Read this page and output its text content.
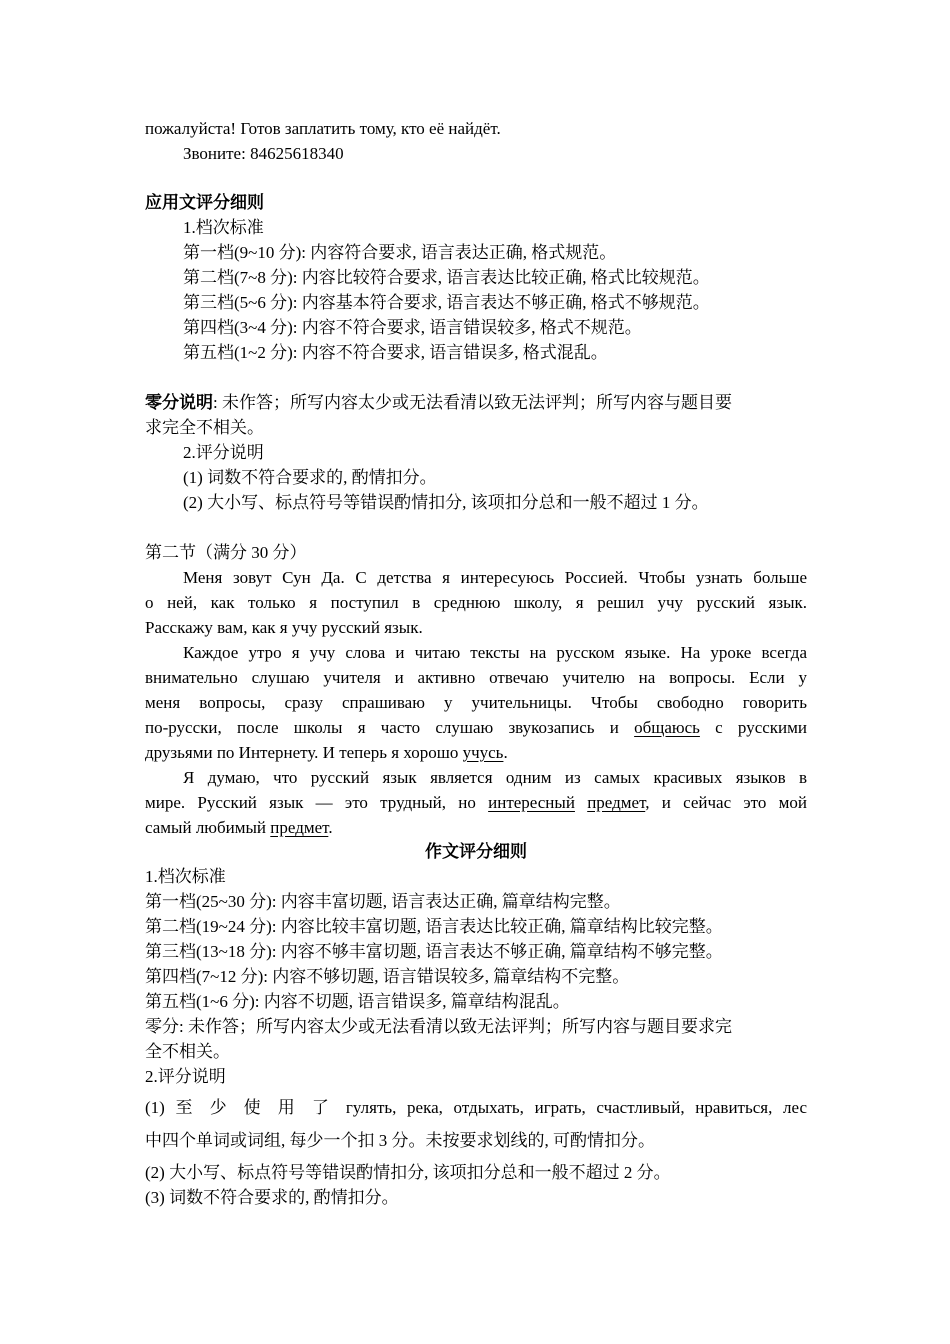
пожалуйста! Готов заплатить тому, кто её найдёт.
Звоните: 84625618340
应用文评分细则
1.档次标准
第一档(9~10 分): 内容符合要求, 语言表达正确, 格式规范。
第二档(7~8 分): 内容比较符合要求, 语言表达比较正确, 格式比较规范。
第三档(5~6 分): 内容基本符合要求, 语言表达不够正确, 格式不够规范。
第四档(3~4 分): 内容不符合要求, 语言错误较多, 格式不规范。
第五档(1~2 分): 内容不符合要求, 语言错误多, 格式混乱。
零分说明: 未作答；所写内容太少或无法看清以致无法评判；所写内容与题目要
求完全不相关。
2.评分说明
(1) 词数不符合要求的, 酌情扣分。
(2) 大小写、标点符号等错误酌情扣分, 该项扣分总和一般不超过 1 分。
第二节（满分 30 分）
Меня зовут Сун Да. С детства я интересуюсь Россией. Чтобы узнать больше
о ней, как только я поступил в среднюю школу, я решил учу русский язык.
Расскажу вам, как я учу русский язык.
Каждое утро я учу слова и читаю тексты на русском языке. На уроке всегда
внимательно слушаю учителя и активно отвечаю учителю на вопросы. Если у
меня вопросы, сразу спрашиваю у учительницы. Чтобы свободно говорить
по-русски, после школы я часто слушаю звукозапись и общаюсь с русскими
друзьями по Интернету. И теперь я хорошо учусь.
Я думаю, что русский язык является одним из самых красивых языков в
мире. Русский язык — это трудный, но интересный предмет, и сейчас это мой
самый любимый предмет.
作文评分细则
1.档次标准
第一档(25~30 分): 内容丰富切题, 语言表达正确, 篇章结构完整。
第二档(19~24 分): 内容比较丰富切题, 语言表达比较正确, 篇章结构比较完整。
第三档(13~18 分): 内容不够丰富切题, 语言表达不够正确, 篇章结构不够完整。
第四档(7~12 分): 内容不够切题, 语言错误较多, 篇章结构不完整。
第五档(1~6 分): 内容不切题, 语言错误多, 篇章结构混乱。
零分: 未作答；所写内容太少或无法看清以致无法评判；所写内容与题目要求完
全不相关。
2.评分说明
(1) 至 少 使 用 了 гулять, река, отдыхать, играть, счастливый, нравиться, лес
中四个单词或词组, 每少一个扣 3 分。未按要求划线的, 可酌情扣分。
(2) 大小写、标点符号等错误酌情扣分, 该项扣分总和一般不超过 2 分。
(3) 词数不符合要求的, 酌情扣分。
